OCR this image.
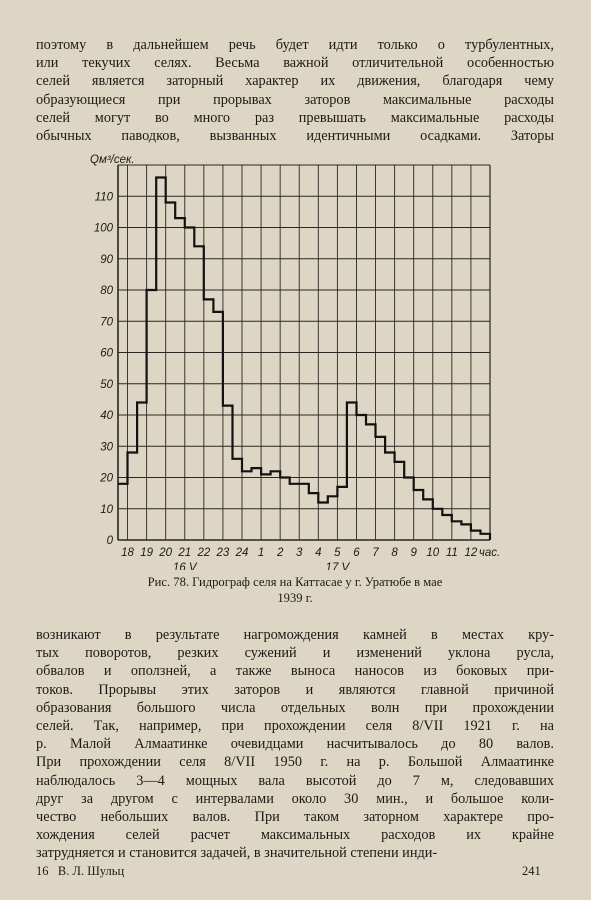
поэтому в дальнейшем речь будет идти только о турбулентных,
или текучих селях. Весьма важной отличительной особенностью
селей является заторный характер их движения, благодаря чему
образующиеся при прорывах заторов максимальные расходы
селей могут во много раз превышать максимальные расходы
обычных паводков, вызванных идентичными осадками. Заторы

0
10
20
30
40
50
60
70
80
90
100
110
18 19 20 21 22 23 24 1 2 3 4 5 6 7 8 9 10 11 12 час.
16 V	17 V
Qм³/сек.
Рис. 78. Гидрограф селя на Каттасае у г. Уратюбе в мае
1939 г.

возникают в результате нагромождения камней в местах кру-
тых поворотов, резких сужений и изменений уклона русла,
обвалов и оползней, а также выноса наносов из боковых при-
токов. Прорывы этих заторов и являются главной причиной
образования большого числа отдельных волн при прохождении
селей. Так, например, при прохождении селя 8/VII 1921 г. на
р. Малой Алмаатинке очевидцами насчитывалось до 80 валов.
При прохождении селя 8/VII 1950 г. на р. Большой Алмаатинке
наблюдалось 3—4 мощных вала высотой до 7 м, следовавших
друг за другом с интервалами около 30 мин., и большое коли-
чество небольших валов. При таком заторном характере про-
хождения селей расчет максимальных расходов их крайне
затрудняется и становится задачей, в значительной степени инди-

16   В. Л. Шульц	241
